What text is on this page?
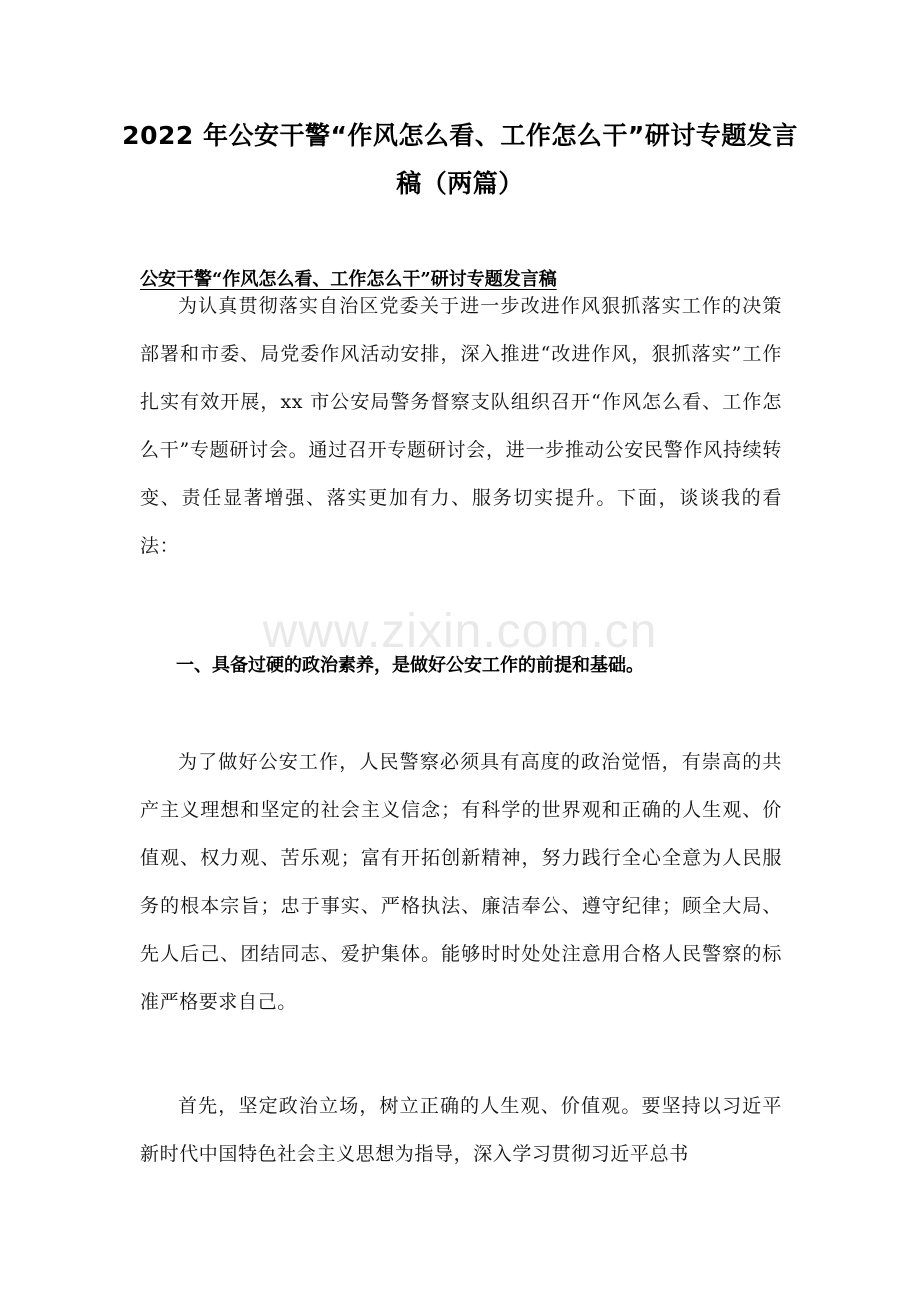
2022 年公安干警“作风怎么看、工作怎么干”研讨专题发言稿（两篇）
公安干警“作风怎么看、工作怎么干”研讨专题发言稿

为认真贯彻落实自治区党委关于进一步改进作风狠抓落实工作的决策部署和市委、局党委作风活动安排，深入推进“改进作风，狠抓落实”工作扎实有效开展，xx 市公安局警务督察支队组织召开“作风怎么看、工作怎么干”专题研讨会。通过召开专题研讨会，进一步推动公安民警作风持续转变、责任显著增强、落实更加有力、服务切实提升。下面，谈谈我的看法：

www.zixin.com.cn
一、具备过硬的政治素养，是做好公安工作的前提和基础。

为了做好公安工作，人民警察必须具有高度的政治觉悟，有崇高的共产主义理想和坚定的社会主义信念；有科学的世界观和正确的人生观、价值观、权力观、苦乐观；富有开拓创新精神，努力践行全心全意为人民服务的根本宗旨；忠于事实、严格执法、廉洁奉公、遵守纪律；顾全大局、先人后己、团结同志、爱护集体。能够时时处处注意用合格人民警察的标准严格要求自己。

首先，坚定政治立场，树立正确的人生观、价值观。要坚持以习近平新时代中国特色社会主义思想为指导，深入学习贯彻习近平总书
